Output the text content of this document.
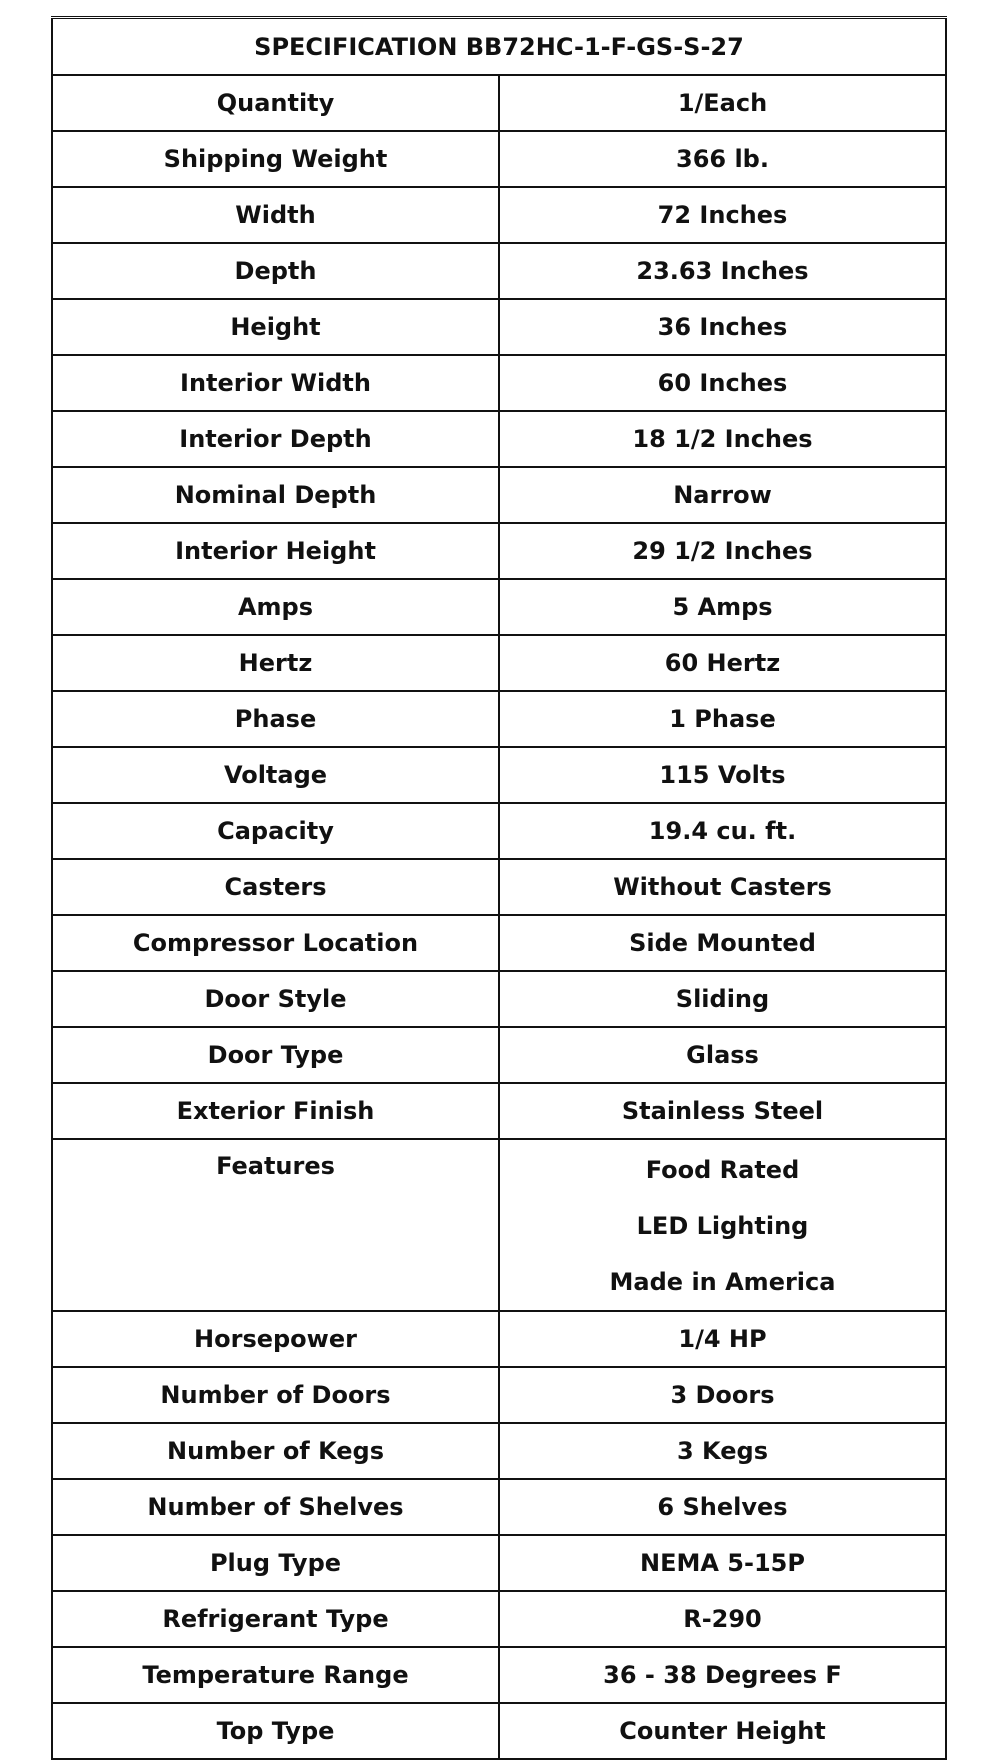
SPECIFICATION BB72HC-1-F-GS-S-27	
Quantity	1/Each
Shipping Weight	366 lb.
Width	72 Inches
Depth	23.63 Inches
Height	36 Inches
Interior Width	60 Inches
Interior Depth	18 1/2 Inches
Nominal Depth	Narrow
Interior Height	29 1/2 Inches
Amps	5 Amps
Hertz	60 Hertz
Phase	1 Phase
Voltage	115 Volts
Capacity	19.4 cu. ft.
Casters	Without Casters
Compressor Location	Side Mounted
Door Style	Sliding
Door Type	Glass
Exterior Finish	Stainless Steel

Features	Food Rated
LED Lighting
Made in America

Horsepower	1/4 HP
Number of Doors	3 Doors
Number of Kegs	3 Kegs
Number of Shelves	6 Shelves
Plug Type	NEMA 5-15P
Refrigerant Type	R-290
Temperature Range	36 - 38 Degrees F
Top Type	Counter Height
